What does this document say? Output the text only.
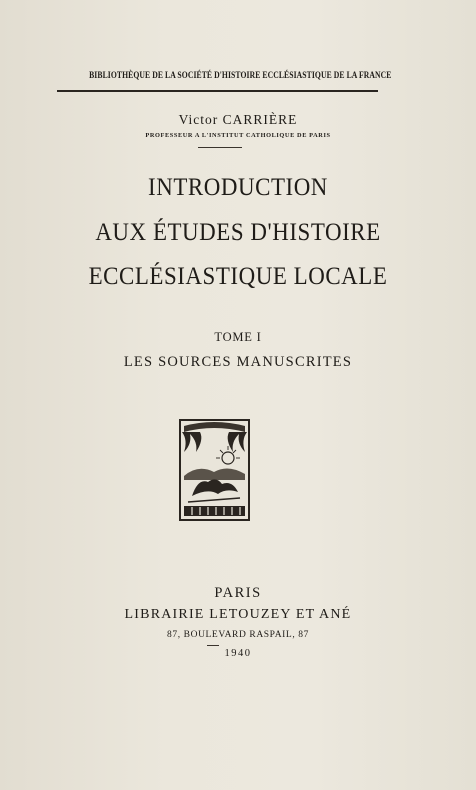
BIBLIOTHÈQUE DE LA SOCIÉTÉ D'HISTOIRE ECCLÉSIASTIQUE DE LA FRANCE
Victor CARRIÈRE
PROFESSEUR A L'INSTITUT CATHOLIQUE DE PARIS
INTRODUCTION
AUX ÉTUDES D'HISTOIRE
ECCLÉSIASTIQUE LOCALE
TOME I
LES SOURCES MANUSCRITES
PARIS
LIBRAIRIE LETOUZEY ET ANÉ
87, BOULEVARD RASPAIL, 87
1940
